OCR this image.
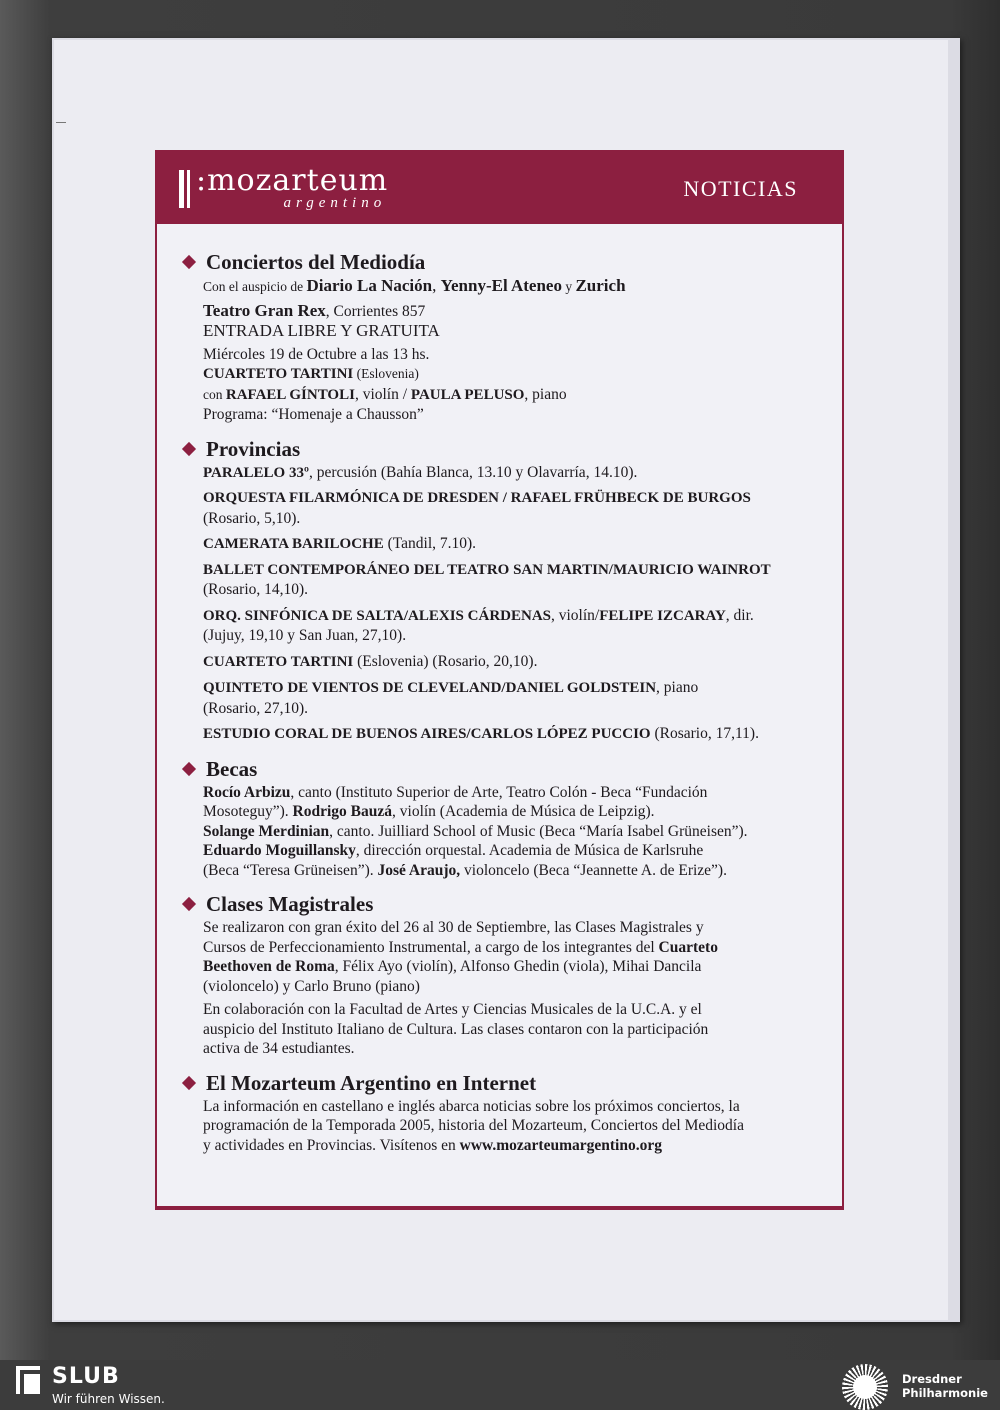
:mozarteum
argentino
NOTICIAS
Conciertos del Mediodía
Con el auspicio de Diario La Nación, Yenny-El Ateneo y Zurich
Teatro Gran Rex, Corrientes 857
ENTRADA LIBRE Y GRATUITA
Miércoles 19 de Octubre a las 13 hs.
CUARTETO TARTINI (Eslovenia)
con RAFAEL GÍNTOLI, violín / PAULA PELUSO, piano
Programa: “Homenaje a Chausson”
Provincias
PARALELO 33º, percusión (Bahía Blanca, 13.10 y Olavarría, 14.10).
ORQUESTA FILARMÓNICA DE DRESDEN / RAFAEL FRÜHBECK DE BURGOS
(Rosario, 5,10).
CAMERATA BARILOCHE (Tandil, 7.10).
BALLET CONTEMPORÁNEO DEL TEATRO SAN MARTIN/MAURICIO WAINROT
(Rosario, 14,10).
ORQ. SINFÓNICA DE SALTA/ALEXIS CÁRDENAS, violín/FELIPE IZCARAY, dir.
(Jujuy, 19,10 y San Juan, 27,10).
CUARTETO TARTINI (Eslovenia) (Rosario, 20,10).
QUINTETO DE VIENTOS DE CLEVELAND/DANIEL GOLDSTEIN, piano
(Rosario, 27,10).
ESTUDIO CORAL DE BUENOS AIRES/CARLOS LÓPEZ PUCCIO (Rosario, 17,11).
Becas
Rocío Arbizu, canto (Instituto Superior de Arte, Teatro Colón - Beca “Fundación
Mosoteguy”). Rodrigo Bauzá, violín (Academia de Música de Leipzig).
Solange Merdinian, canto. Juilliard School of Music (Beca “María Isabel Grüneisen”).
Eduardo Moguillansky, dirección orquestal. Academia de Música de Karlsruhe
(Beca “Teresa Grüneisen”). José Araujo, violoncelo (Beca “Jeannette A. de Erize”).
Clases Magistrales
Se realizaron con gran éxito del 26 al 30 de Septiembre, las Clases Magistrales y
Cursos de Perfeccionamiento Instrumental, a cargo de los integrantes del Cuarteto
Beethoven de Roma, Félix Ayo (violín), Alfonso Ghedin (viola), Mihai Dancila
(violoncelo) y Carlo Bruno (piano)
En colaboración con la Facultad de Artes y Ciencias Musicales de la U.C.A. y el
auspicio del Instituto Italiano de Cultura. Las clases contaron con la participación
activa de 34 estudiantes.
El Mozarteum Argentino en Internet
La información en castellano e inglés abarca noticias sobre los próximos conciertos, la
programación de la Temporada 2005, historia del Mozarteum, Conciertos del Mediodía
y actividades en Provincias. Visítenos en www.mozarteumargentino.org
SLUB
Wir führen Wissen.
Dresdner
Philharmonie
